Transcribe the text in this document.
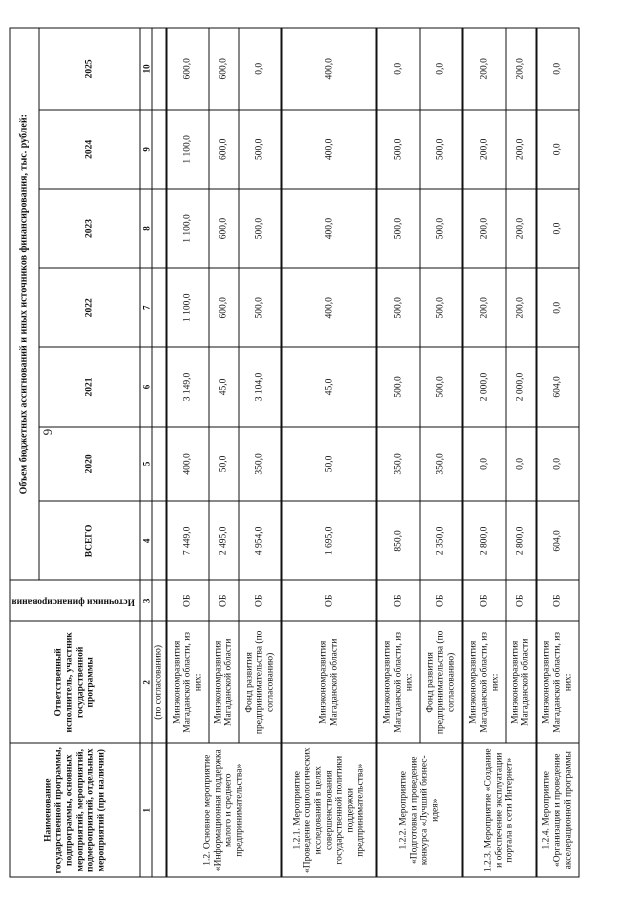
6
Наименование государственной программы, подпрограммы, основных мероприятий, мероприятий, подмероприятий, отдельных мероприятий (при наличии)	Ответственный исполнитель, участник государственной программы	Источники финансирования	Объем бюджетных ассигнований и иных источников финансирования, тыс. рублей:						
			ВСЕГО	2020	2021	2022	2023	2024	2025
1	2	3	4	5	6	7	8	9	10
	(по согласованию)								
1.2. Основное мероприятие «Информационная поддержка малого и среднего предпринимательства»	Минэкономразвития Магаданской области, из них:	ОБ	7 449,0	400,0	3 149,0	1 100,0	1 100,0	1 100,0	600,0
	Минэкономразвития Магаданской области	ОБ	2 495,0	50,0	45,0	600,0	600,0	600,0	600,0
	Фонд развития предпринимательства (по согласованию)	ОБ	4 954,0	350,0	3 104,0	500,0	500,0	500,0	0,0
1.2.1. Мероприятие «Проведение социологических исследований в целях совершенствования государственной политики поддержки предпринимательства»	Минэкономразвития Магаданской области	ОБ	1 695,0	50,0	45,0	400,0	400,0	400,0	400,0
1.2.2. Мероприятие «Подготовка и проведение конкурса «Лучший бизнес-идея»	Минэкономразвития Магаданской области, из них:	ОБ	850,0	350,0	500,0	500,0	500,0	500,0	0,0
	Фонд развития предпринимательства (по согласованию)	ОБ	2 350,0	350,0	500,0	500,0	500,0	500,0	0,0
1.2.3. Мероприятие «Создание и обеспечение эксплуатации портала в сети Интернет»	Минэкономразвития Магаданской области, из них:	ОБ	2 800,0	0,0	2 000,0	200,0	200,0	200,0	200,0
	Минэкономразвития Магаданской области	ОБ	2 800,0	0,0	2 000,0	200,0	200,0	200,0	200,0
1.2.4. Мероприятие «Организация и проведение акселерационной программы	Минэкономразвития Магаданской области, из них:	ОБ	604,0	0,0	604,0	0,0	0,0	0,0	0,0
